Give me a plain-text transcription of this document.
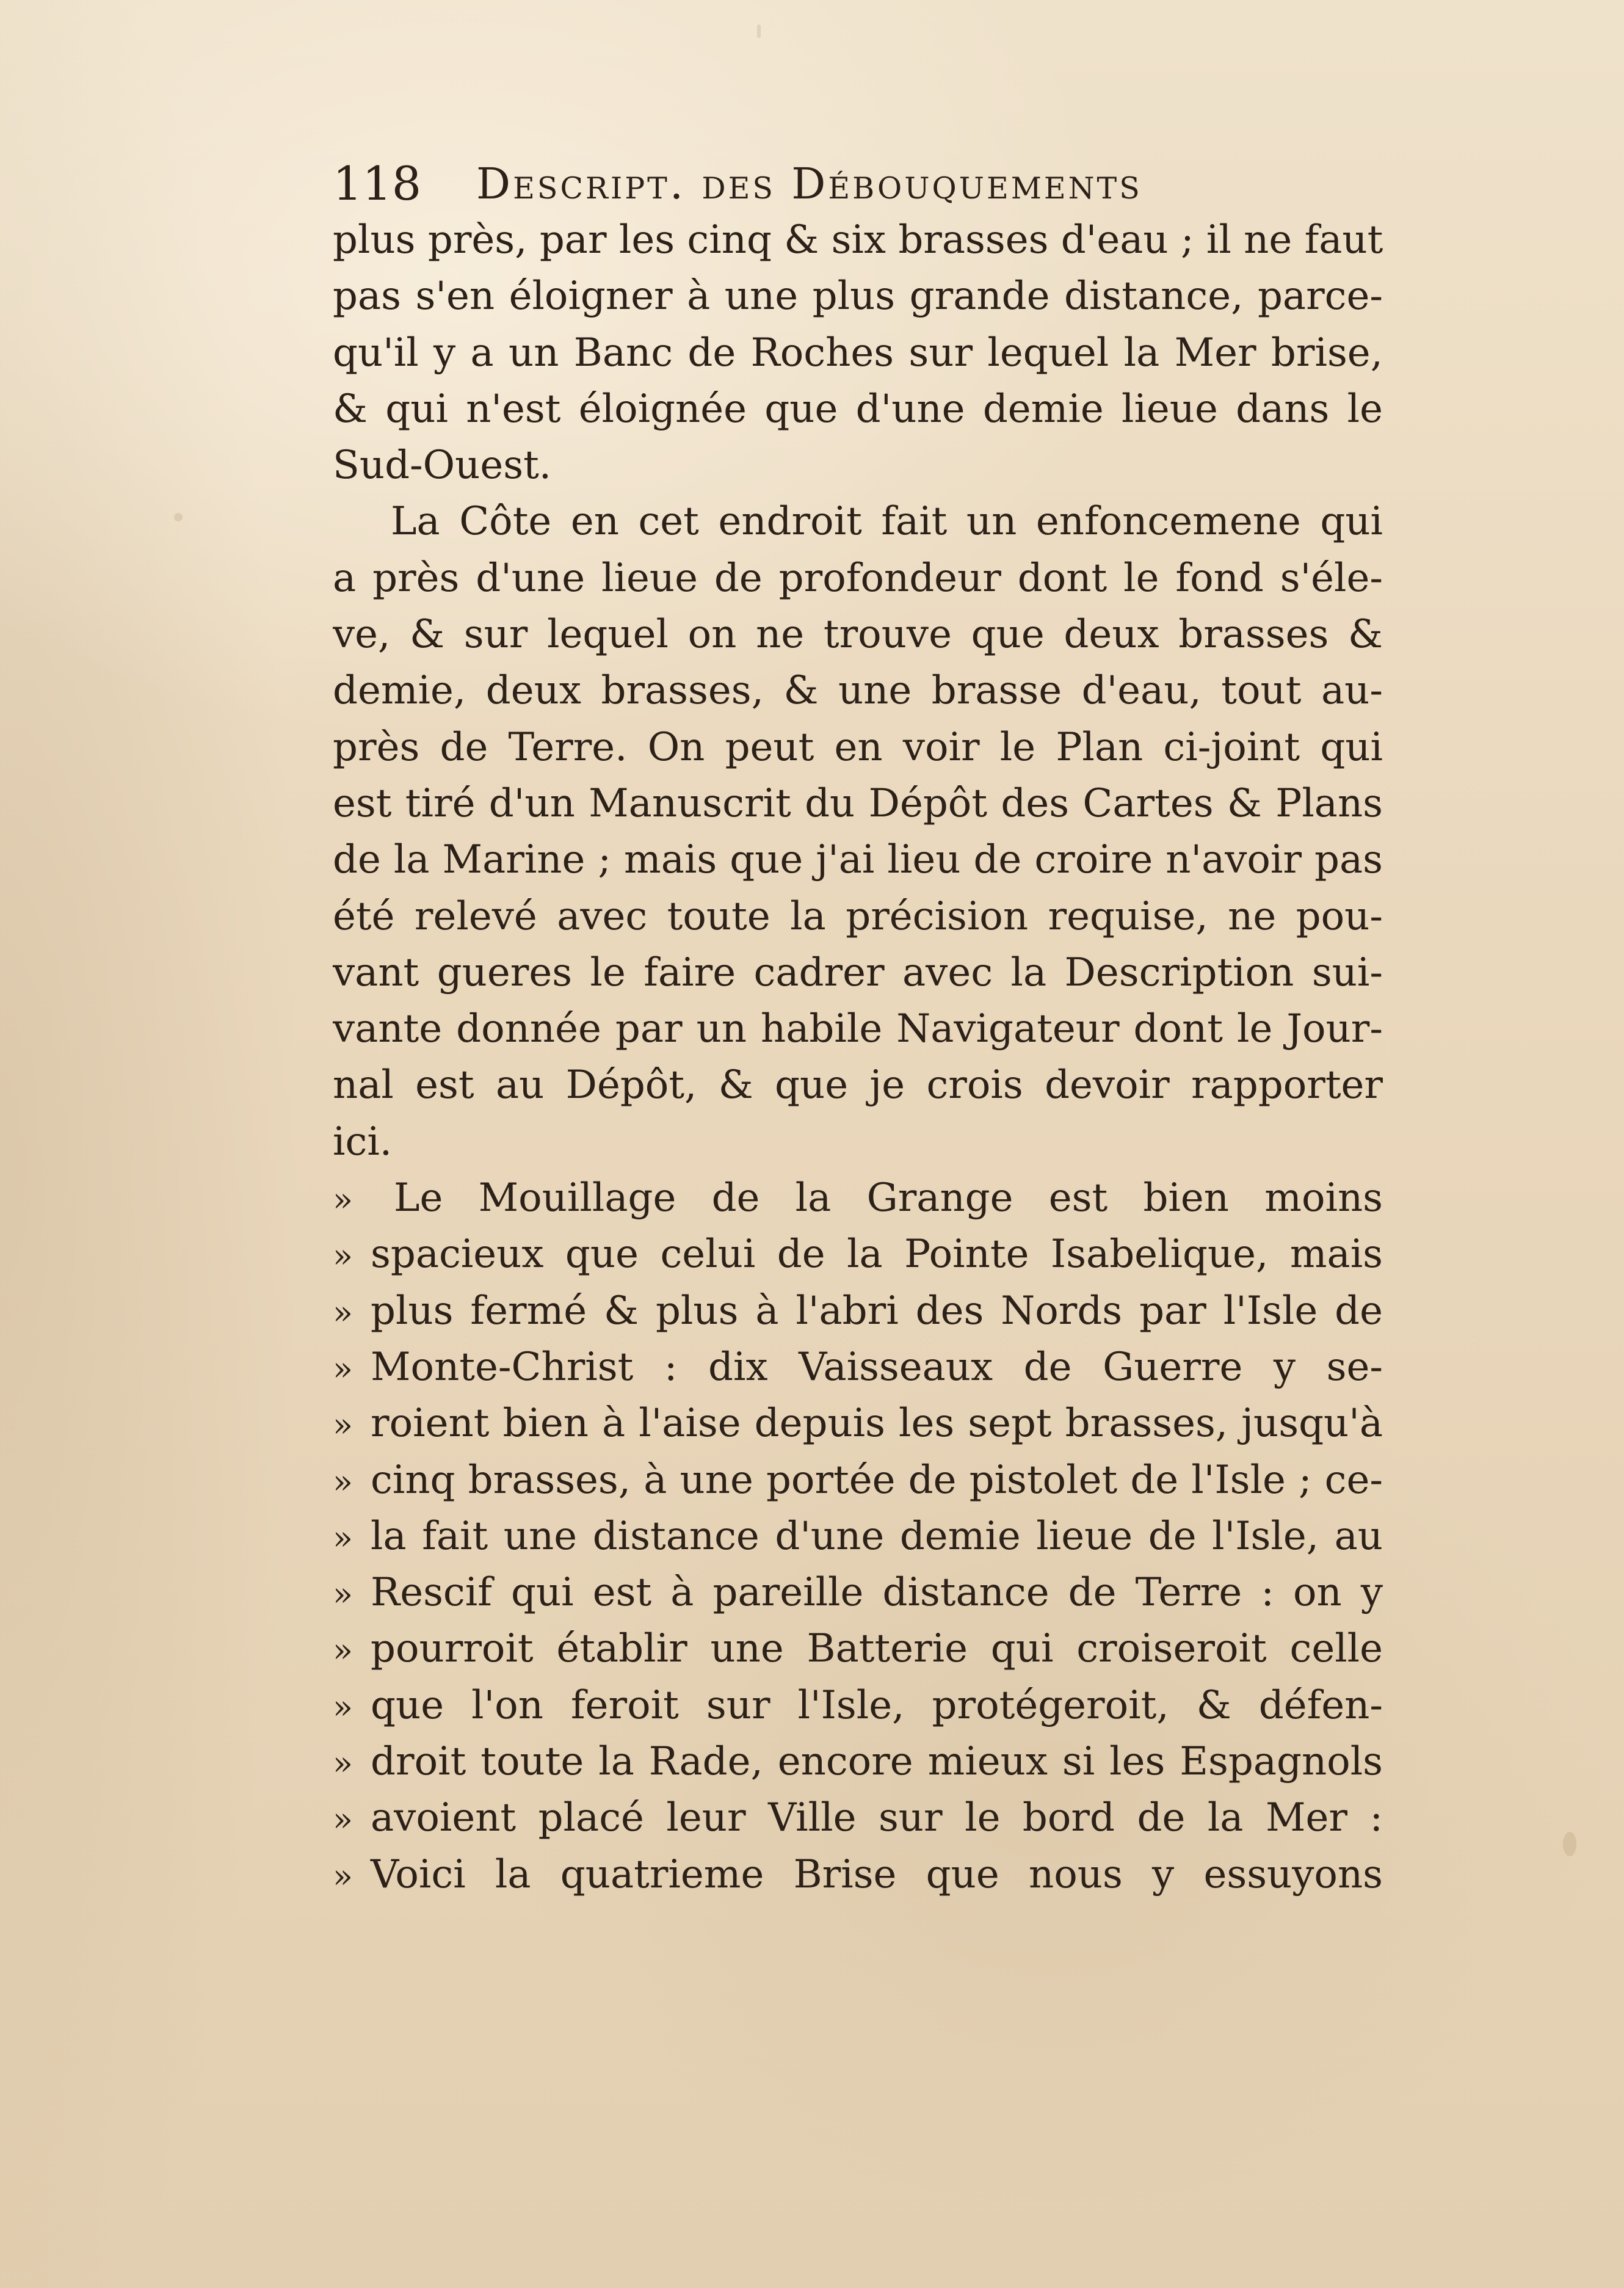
118 Descript. des Débouquements
plus près, par les cinq & six brasses d'eau ; il ne faut
pas s'en éloigner à une plus grande distance, parce-
qu'il y a un Banc de Roches sur lequel la Mer brise,
& qui n'est éloignée que d'une demie lieue dans le
Sud-Ouest.
La Côte en cet endroit fait un enfoncemene qui
a près d'une lieue de profondeur dont le fond s'éle-
ve, & sur lequel on ne trouve que deux brasses &
demie, deux brasses, & une brasse d'eau, tout au-
près de Terre. On peut en voir le Plan ci-joint qui
est tiré d'un Manuscrit du Dépôt des Cartes & Plans
de la Marine ; mais que j'ai lieu de croire n'avoir pas
été relevé avec toute la précision requise, ne pou-
vant gueres le faire cadrer avec la Description sui-
vante donnée par un habile Navigateur dont le Jour-
nal est au Dépôt, & que je crois devoir rapporter
ici.
» Le Mouillage de la Grange est bien moins
» spacieux que celui de la Pointe Isabelique, mais
» plus fermé & plus à l'abri des Nords par l'Isle de
» Monte-Christ : dix Vaisseaux de Guerre y se-
» roient bien à l'aise depuis les sept brasses, jusqu'à
» cinq brasses, à une portée de pistolet de l'Isle ; ce-
» la fait une distance d'une demie lieue de l'Isle, au
» Rescif qui est à pareille distance de Terre : on y
» pourroit établir une Batterie qui croiseroit celle
» que l'on feroit sur l'Isle, protégeroit, & défen-
» droit toute la Rade, encore mieux si les Espagnols
» avoient placé leur Ville sur le bord de la Mer :
» Voici la quatrieme Brise que nous y essuyons
